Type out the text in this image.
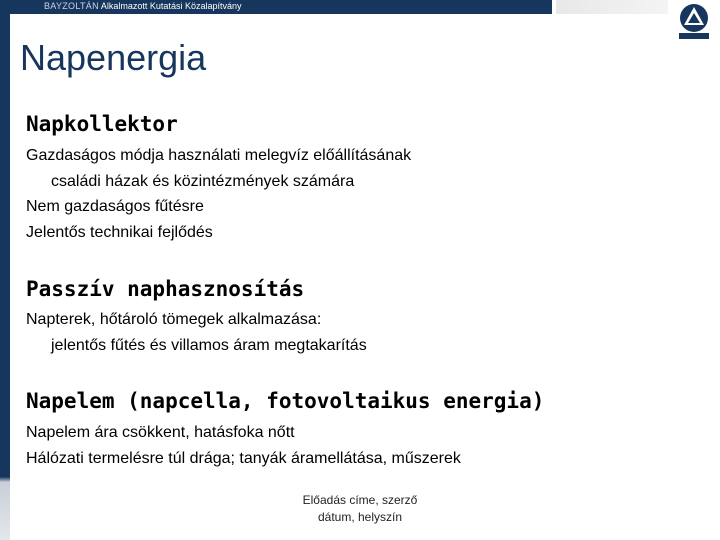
BAYZOLTÁN Alkalmazott Kutatási Közalapítvány
Napenergia
Napkollektor
Gazdaságos módja használati melegvíz előállításának
családi házak és közintézmények számára
Nem gazdaságos fűtésre
Jelentős technikai fejlődés
Passzív naphasznosítás
Napterek, hőtároló tömegek alkalmazása:
jelentős fűtés és villamos áram megtakarítás
Napelem (napcella, fotovoltaikus energia)
Napelem ára csökkent, hatásfoka nőtt
Hálózati termelésre túl drága; tanyák áramellátása, műszerek
Előadás címe, szerző
dátum, helyszín
